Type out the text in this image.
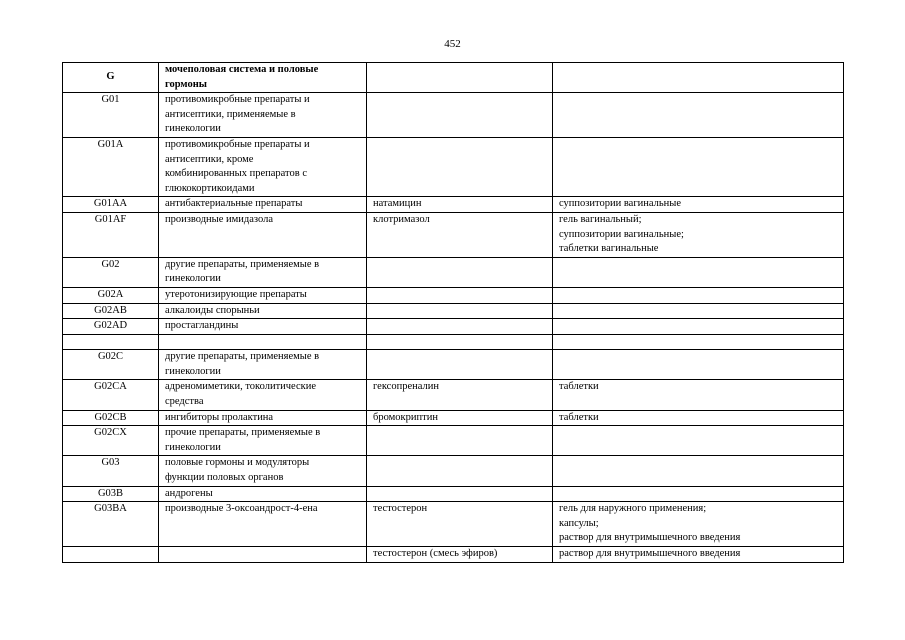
452
G	мочеполовая система и половые
гормоны		

G01	противомикробные препараты и
антисептики, применяемые в
гинекологии		

G01A	противомикробные препараты и
антисептики, кроме
комбинированных препаратов с
глюкокортикоидами		

G01AA	антибактериальные препараты	натамицин	суппозитории вагинальные

G01AF	производные имидазола	клотримазол	гель вагинальный;
суппозитории вагинальные;
таблетки вагинальные

G02	другие препараты, применяемые в
гинекологии		

G02A	утеротонизирующие препараты		

G02AB	алкалоиды спорыньи		

G02AD	простагландины		

G02C	другие препараты, применяемые в
гинекологии		

G02CA	адреномиметики, токолитические
средства	гексопреналин	таблетки

G02CB	ингибиторы пролактина	бромокриптин	таблетки

G02CX	прочие препараты, применяемые в
гинекологии		

G03	половые гормоны и модуляторы
функции половых органов		

G03B	андрогены		

G03BA	производные 3-оксоандрост-4-ена	тестостерон	гель для наружного применения;
капсулы;
раствор для внутримышечного введения

		тестостерон (смесь эфиров)	раствор для внутримышечного введения
